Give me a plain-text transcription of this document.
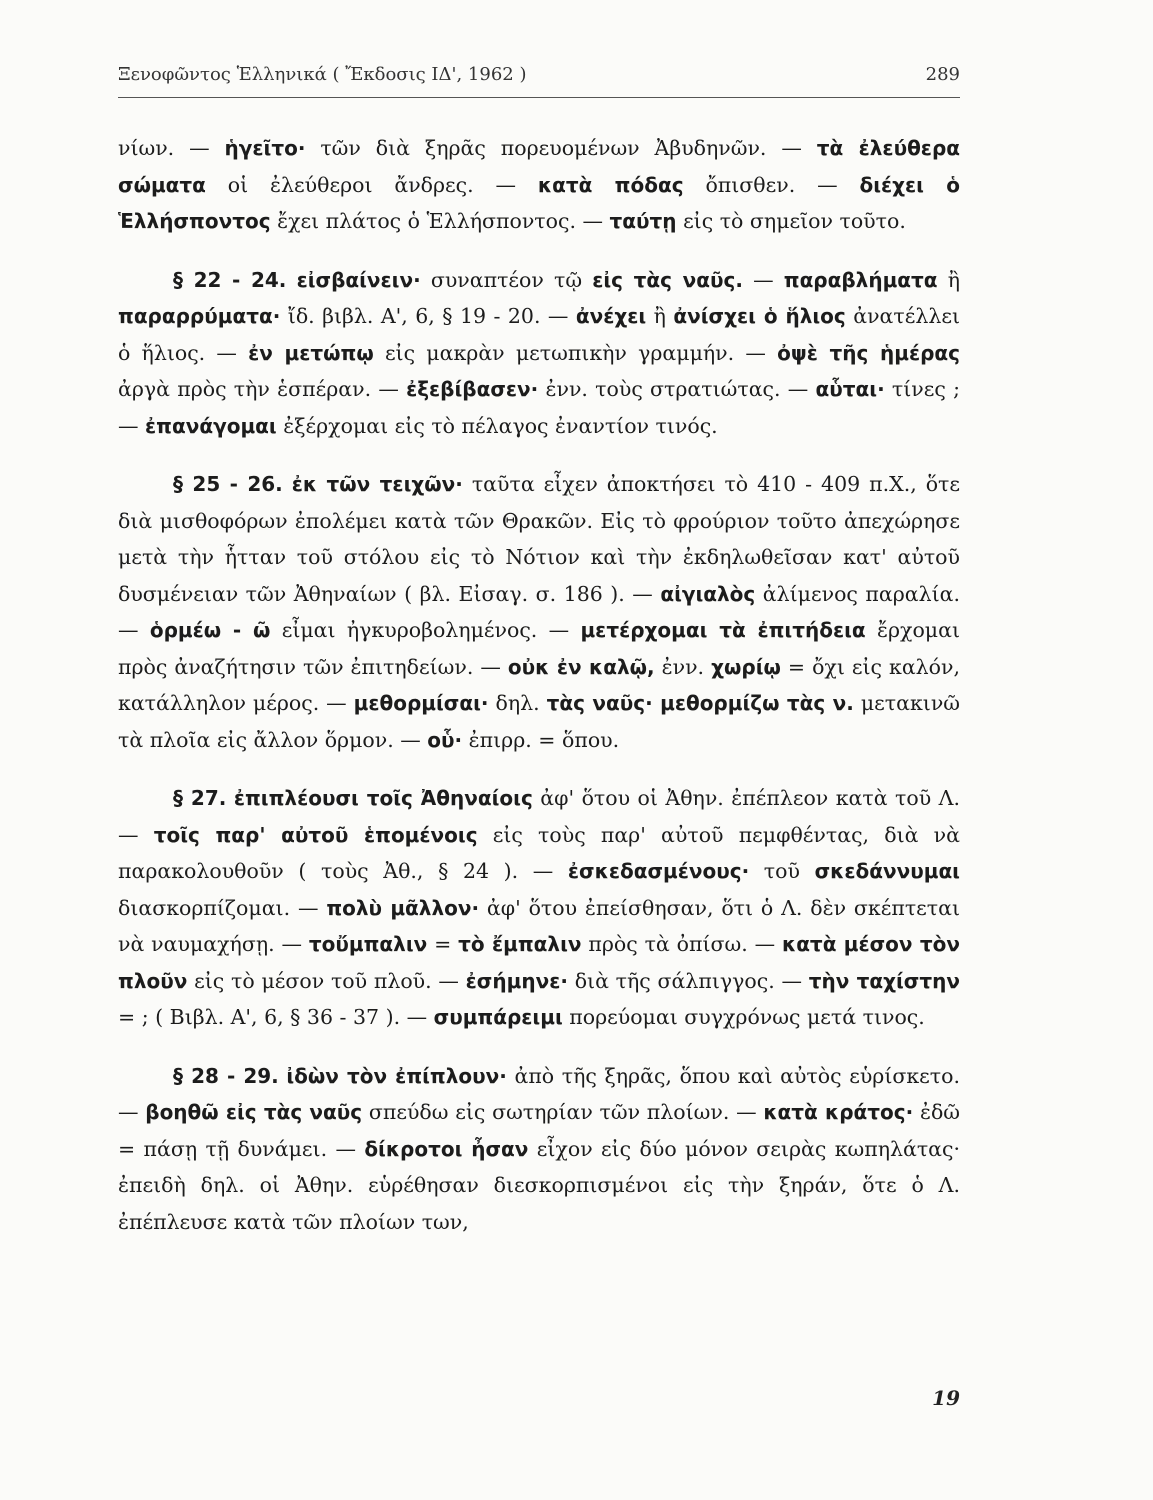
Ξενοφῶντος Ἑλληνικά ( Ἔκδοσις ΙΔ', 1962 )	289

νίων. — ἡγεῖτο· τῶν διὰ ξηρᾶς πορευομένων Ἀβυδηνῶν. — τὰ ἐλεύθερα σώματα οἱ ἐλεύθεροι ἄνδρες. — κατὰ πόδας ὄπισθεν. — διέχει ὁ Ἑλλήσποντος ἔχει πλάτος ὁ Ἑλλήσποντος. — ταύτῃ εἰς τὸ σημεῖον τοῦτο.

§ 22 - 24. εἰσβαίνειν· συναπτέον τῷ εἰς τὰς ναῦς. — παραβλήματα ἢ παραρρύματα· ἴδ. βιβλ. Α', 6, § 19 - 20. — ἀνέχει ἢ ἀνίσχει ὁ ἥλιος ἀνατέλλει ὁ ἥλιος. — ἐν μετώπῳ εἰς μακρὰν μετωπικὴν γραμμήν. — ὀψὲ τῆς ἡμέρας ἀργὰ πρὸς τὴν ἑσπέραν. — ἐξεβίβασεν· ἐνν. τοὺς στρατιώτας. — αὗται· τίνες ; — ἐπανάγομαι ἐξέρχομαι εἰς τὸ πέλαγος ἐναντίον τινός.

§ 25 - 26. ἐκ τῶν τειχῶν· ταῦτα εἶχεν ἀποκτήσει τὸ 410 - 409 π.Χ., ὅτε διὰ μισθοφόρων ἐπολέμει κατὰ τῶν Θρακῶν. Εἰς τὸ φρούριον τοῦτο ἀπεχώρησε μετὰ τὴν ἧτταν τοῦ στόλου εἰς τὸ Νότιον καὶ τὴν ἐκδηλωθεῖσαν κατ' αὐτοῦ δυσμένειαν τῶν Ἀθηναίων ( βλ. Εἰσαγ. σ. 186 ). — αἰγιαλὸς ἀλίμενος παραλία. — ὁρμέω - ῶ εἶμαι ἠγκυροβολημένος. — μετέρχομαι τὰ ἐπιτήδεια ἔρχομαι πρὸς ἀναζήτησιν τῶν ἐπιτηδείων. — οὐκ ἐν καλῷ, ἐνν. χωρίῳ = ὄχι εἰς καλόν, κατάλληλον μέρος. — μεθορμίσαι· δηλ. τὰς ναῦς· μεθορμίζω τὰς ν. μετακινῶ τὰ πλοῖα εἰς ἄλλον ὅρμον. — οὗ· ἐπιρρ. = ὅπου.

§ 27. ἐπιπλέουσι τοῖς Ἀθηναίοις ἀφ' ὅτου οἱ Ἀθην. ἐπέπλεον κατὰ τοῦ Λ. — τοῖς παρ' αὐτοῦ ἑπομένοις εἰς τοὺς παρ' αὐτοῦ πεμφθέντας, διὰ νὰ παρακολουθοῦν ( τοὺς Ἀθ., § 24 ). — ἐσκεδασμένους· τοῦ σκεδάννυμαι διασκορπίζομαι. — πολὺ μᾶλλον· ἀφ' ὅτου ἐπείσθησαν, ὅτι ὁ Λ. δὲν σκέπτεται νὰ ναυμαχήσῃ. — τοὔμπαλιν = τὸ ἔμπαλιν πρὸς τὰ ὀπίσω. — κατὰ μέσον τὸν πλοῦν εἰς τὸ μέσον τοῦ πλοῦ. — ἐσήμηνε· διὰ τῆς σάλπιγγος. — τὴν ταχίστην = ; ( Βιβλ. Α', 6, § 36 - 37 ). — συμπάρειμι πορεύομαι συγχρόνως μετά τινος.

§ 28 - 29. ἰδὼν τὸν ἐπίπλουν· ἀπὸ τῆς ξηρᾶς, ὅπου καὶ αὐτὸς εὑρίσκετο. — βοηθῶ εἰς τὰς ναῦς σπεύδω εἰς σωτηρίαν τῶν πλοίων. — κατὰ κράτος· ἐδῶ = πάσῃ τῇ δυνάμει. — δίκροτοι ἦσαν εἶχον εἰς δύο μόνον σειρὰς κωπηλάτας· ἐπειδὴ δηλ. οἱ Ἀθην. εὑρέθησαν διεσκορπισμένοι εἰς τὴν ξηράν, ὅτε ὁ Λ. ἐπέπλευσε κατὰ τῶν πλοίων των,

19
